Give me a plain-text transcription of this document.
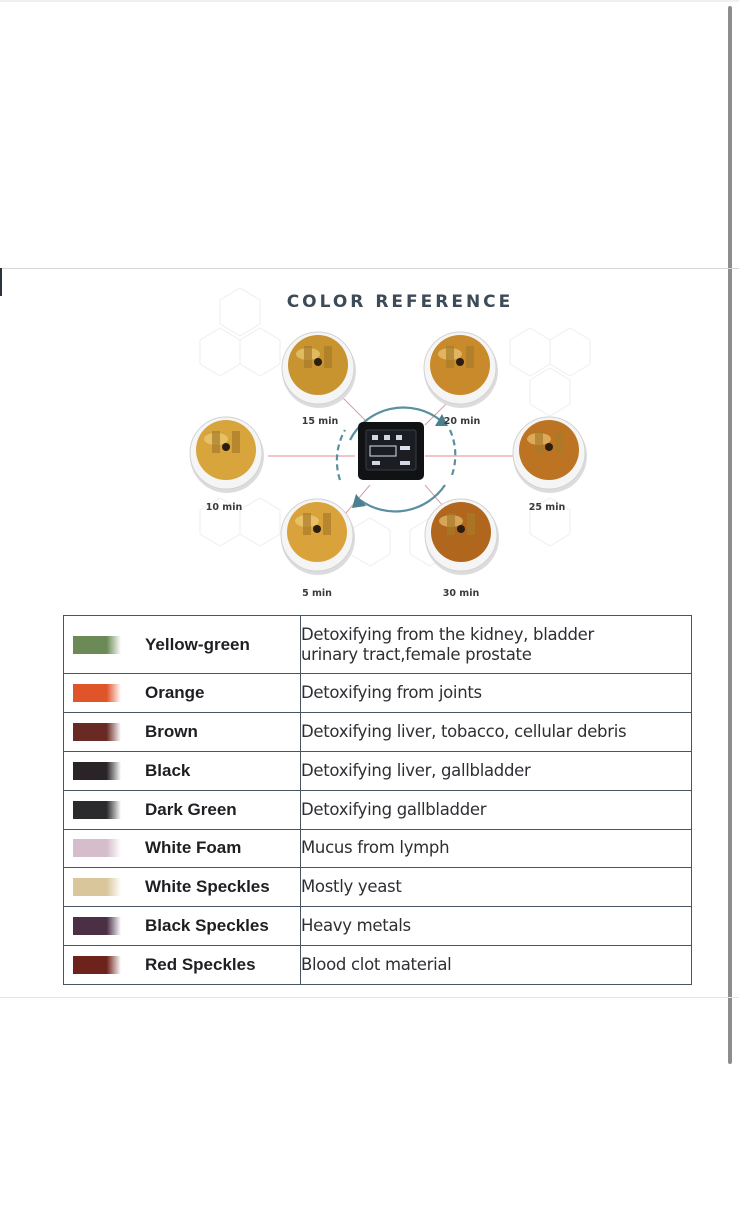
COLOR REFERENCE
5 min
10 min
15 min	20 min
25 min
30 min
Yellow-green	Detoxifying from the kidney, bladder
urinary tract,female prostate

Orange	Detoxifying from joints

Brown	Detoxifying liver, tobacco, cellular debris

Black	Detoxifying liver, gallbladder

Dark Green	Detoxifying gallbladder

White Foam	Mucus from lymph

White Speckles	Mostly yeast

Black Speckles	Heavy metals

Red Speckles	Blood clot material
